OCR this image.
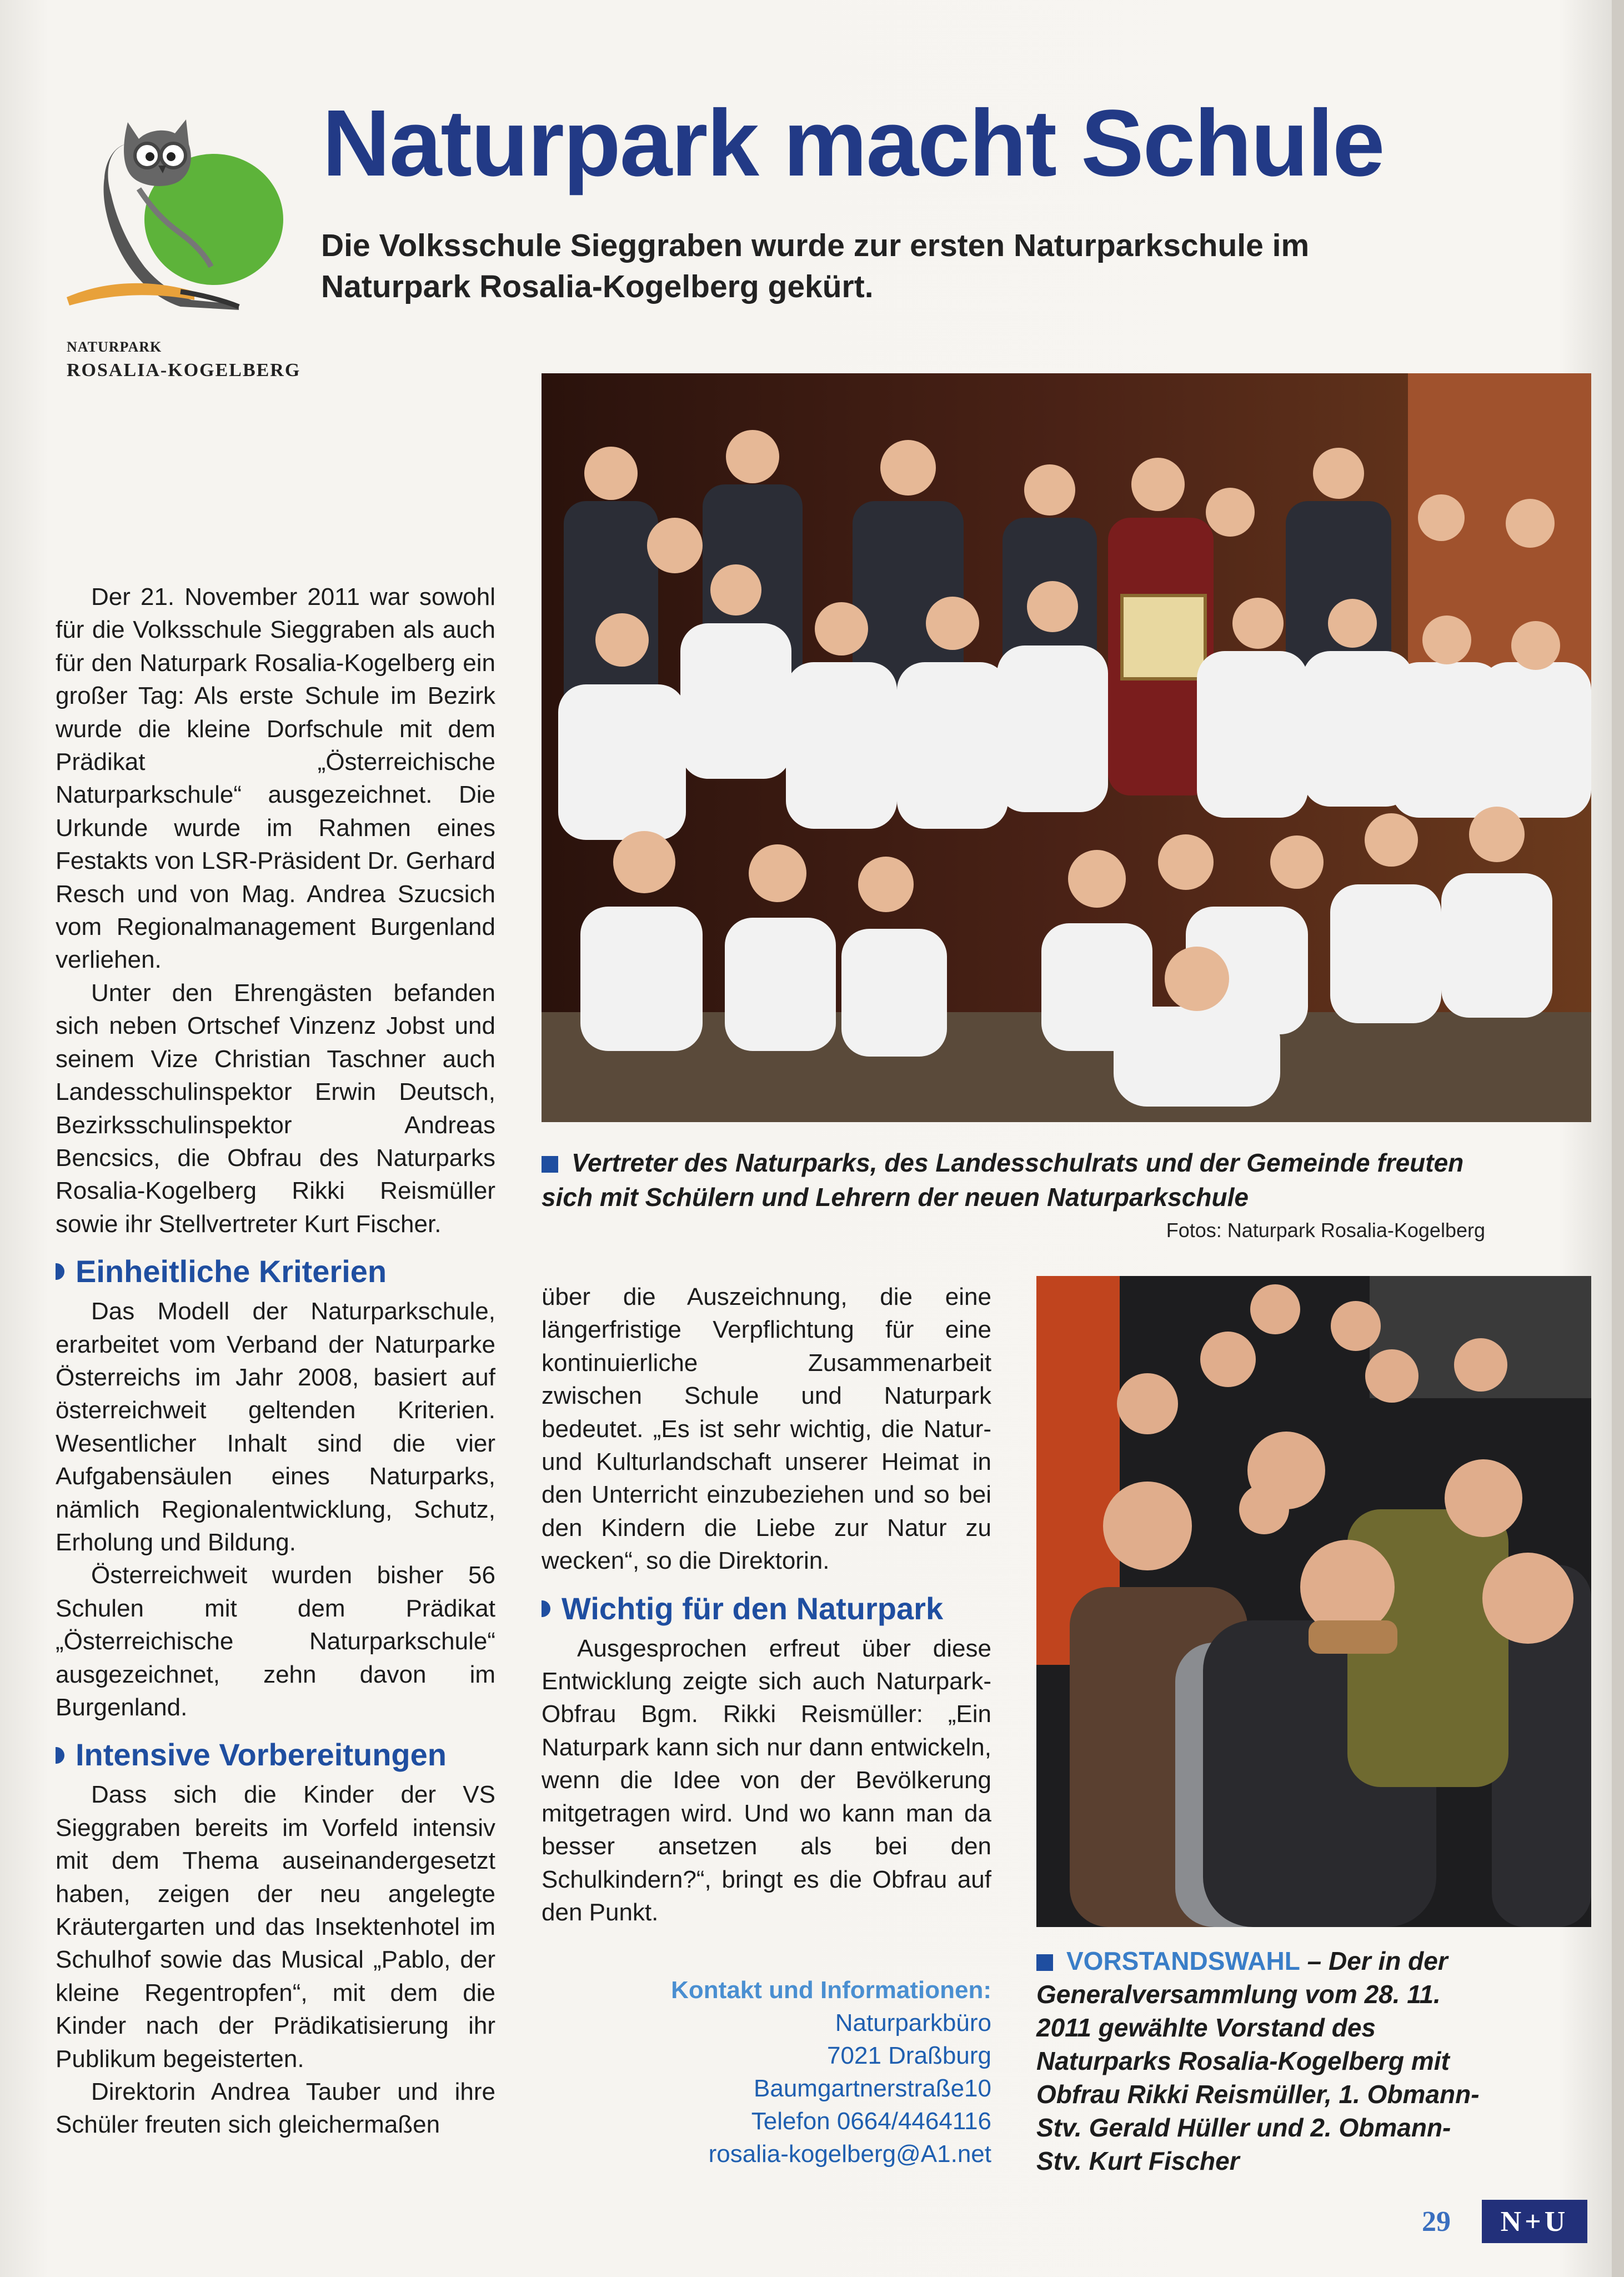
NATURPARK
ROSALIA-KOGELBERG
Naturpark macht Schule

Die Volksschule Sieggraben wurde zur ersten Naturparkschule im Naturpark Rosalia-Kogelberg gekürt.

Der 21. November 2011 war sowohl für die Volksschule Sieggraben als auch für den Naturpark Rosalia-Kogelberg ein großer Tag: Als erste Schule im Bezirk wurde die kleine Dorfschule mit dem Prädikat „Österreichische Naturparkschule“ ausgezeichnet. Die Urkunde wurde im Rahmen eines Festakts von LSR-Präsident Dr. Gerhard Resch und von Mag. Andrea Szucsich vom Regionalmanagement Burgenland verliehen.

Unter den Ehrengästen befanden sich neben Ortschef Vinzenz Jobst und seinem Vize Christian Taschner auch Landesschulinspektor Erwin Deutsch, Bezirksschulinspektor Andreas Bencsics, die Obfrau des Naturparks Rosalia-Kogelberg Rikki Reismüller sowie ihr Stellvertreter Kurt Fischer.

Einheitliche Kriterien

Das Modell der Naturparkschule, erarbeitet vom Verband der Naturparke Österreichs im Jahr 2008, basiert auf österreichweit geltenden Kriterien. Wesentlicher Inhalt sind die vier Aufgabensäulen eines Naturparks, nämlich Regionalentwicklung, Schutz, Erholung und Bildung.

Österreichweit wurden bisher 56 Schulen mit dem Prädikat „Österreichische Naturparkschule“ ausgezeichnet, zehn davon im Burgenland.

Intensive Vorbereitungen

Dass sich die Kinder der VS Sieggraben bereits im Vorfeld intensiv mit dem Thema auseinandergesetzt haben, zeigen der neu angelegte Kräutergarten und das Insektenhotel im Schulhof sowie das Musical „Pablo, der kleine Regentropfen“, mit dem die Kinder nach der Prädikatisierung ihr Publikum begeisterten.

Direktorin Andrea Tauber und ihre Schüler freuten sich gleichermaßen

Vertreter des Naturparks, des Landesschulrats und der Gemeinde freuten sich mit Schülern und Lehrern der neuen Naturparkschule

Fotos: Naturpark Rosalia-Kogelberg

über die Auszeichnung, die eine längerfristige Verpflichtung für eine kontinuierliche Zusammenarbeit zwischen Schule und Naturpark bedeutet. „Es ist sehr wichtig, die Natur- und Kulturlandschaft unserer Heimat in den Unterricht einzubeziehen und so bei den Kindern die Liebe zur Natur zu wecken“, so die Direktorin.

Wichtig für den Naturpark

Ausgesprochen erfreut über diese Entwicklung zeigte sich auch Naturpark-Obfrau Bgm. Rikki Reismüller: „Ein Naturpark kann sich nur dann entwickeln, wenn die Idee von der Bevölkerung mitgetragen wird. Und wo kann man da besser ansetzen als bei den Schulkindern?“, bringt es die Obfrau auf den Punkt.

Kontakt und Informationen:
Naturparkbüro
7021 Draßburg
Baumgartnerstraße10
Telefon 0664/4464116
rosalia-kogelberg@A1.net

VORSTANDSWAHL – Der in der Generalversammlung vom 28. 11. 2011 gewählte Vorstand des Naturparks Rosalia-Kogelberg mit Obfrau Rikki Reismüller, 1. Obmann-Stv. Gerald Hüller und 2. Obmann-Stv. Kurt Fischer

29	N+U
